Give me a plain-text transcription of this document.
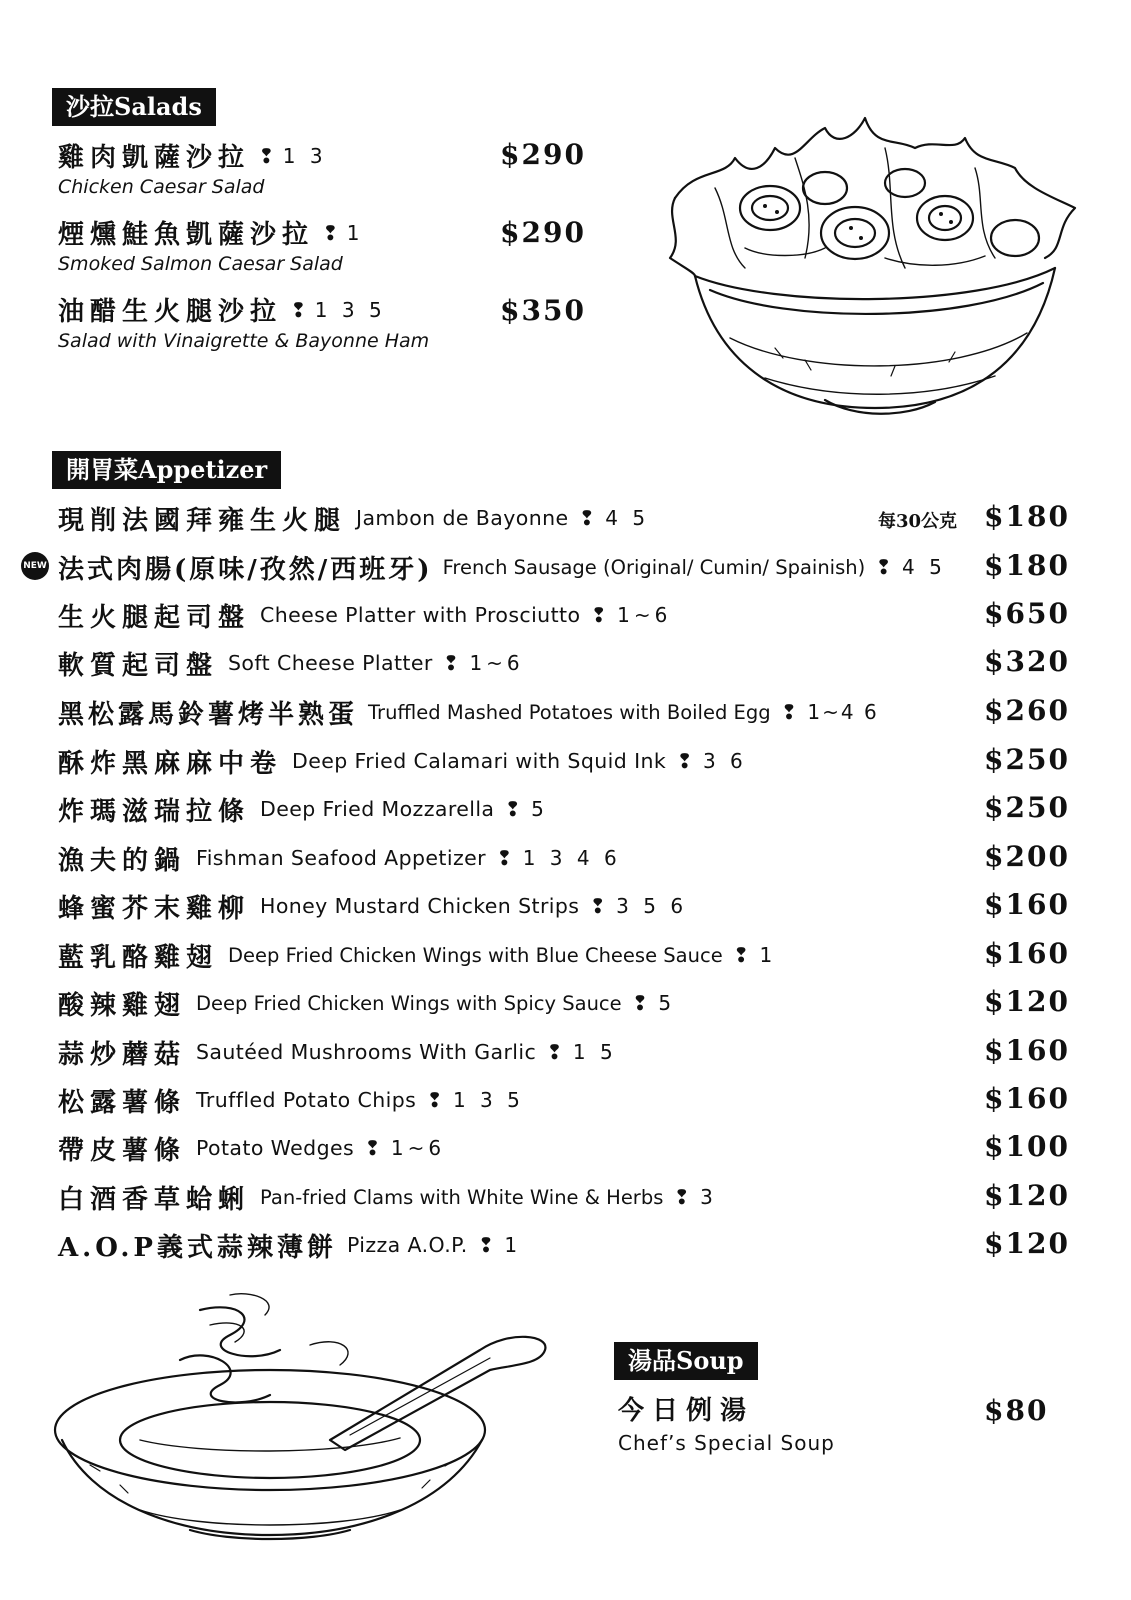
沙拉Salads
雞肉凱薩沙拉 ❢ 1 3
Chicken Caesar Salad
$290
煙燻鮭魚凱薩沙拉 ❢ 1
Smoked Salmon Caesar Salad
$290
油醋生火腿沙拉 ❢ 1 3 5
Salad with Vinaigrette & Bayonne Ham
$350
開胃菜Appetizer
現削法國拜雍生火腿 Jambon de Bayonne ❢ 4 5	每30公克 $180
NEW 法式肉腸(原味/孜然/西班牙) French Sausage (Original/ Cumin/ Spainish) ❢ 4 5 $180
生火腿起司盤 Cheese Platter with Prosciutto ❢ 1~6	$650
軟質起司盤 Soft Cheese Platter ❢ 1~6	$320
黑松露馬鈴薯烤半熟蛋 Truffled Mashed Potatoes with Boiled Egg ❢ 1~4 6	$260
酥炸黑麻麻中卷 Deep Fried Calamari with Squid Ink ❢ 3 6	$250
炸瑪滋瑞拉條 Deep Fried Mozzarella ❢ 5	$250
漁夫的鍋 Fishman Seafood Appetizer ❢ 1 3 4 6	$200
蜂蜜芥末雞柳 Honey Mustard Chicken Strips ❢ 3 5 6	$160
藍乳酪雞翅 Deep Fried Chicken Wings with Blue Cheese Sauce ❢ 1	$160
酸辣雞翅 Deep Fried Chicken Wings with Spicy Sauce ❢ 5	$120
蒜炒蘑菇 Sautéed Mushrooms With Garlic ❢ 1 5	$160
松露薯條 Truffled Potato Chips ❢ 1 3 5	$160
帶皮薯條 Potato Wedges ❢ 1~6	$100
白酒香草蛤蜊 Pan-fried Clams with White Wine & Herbs ❢ 3	$120
A.O.P義式蒜辣薄餅 Pizza A.O.P. ❢ 1	$120
湯品Soup
今日例湯
Chef’s Special Soup
$80
